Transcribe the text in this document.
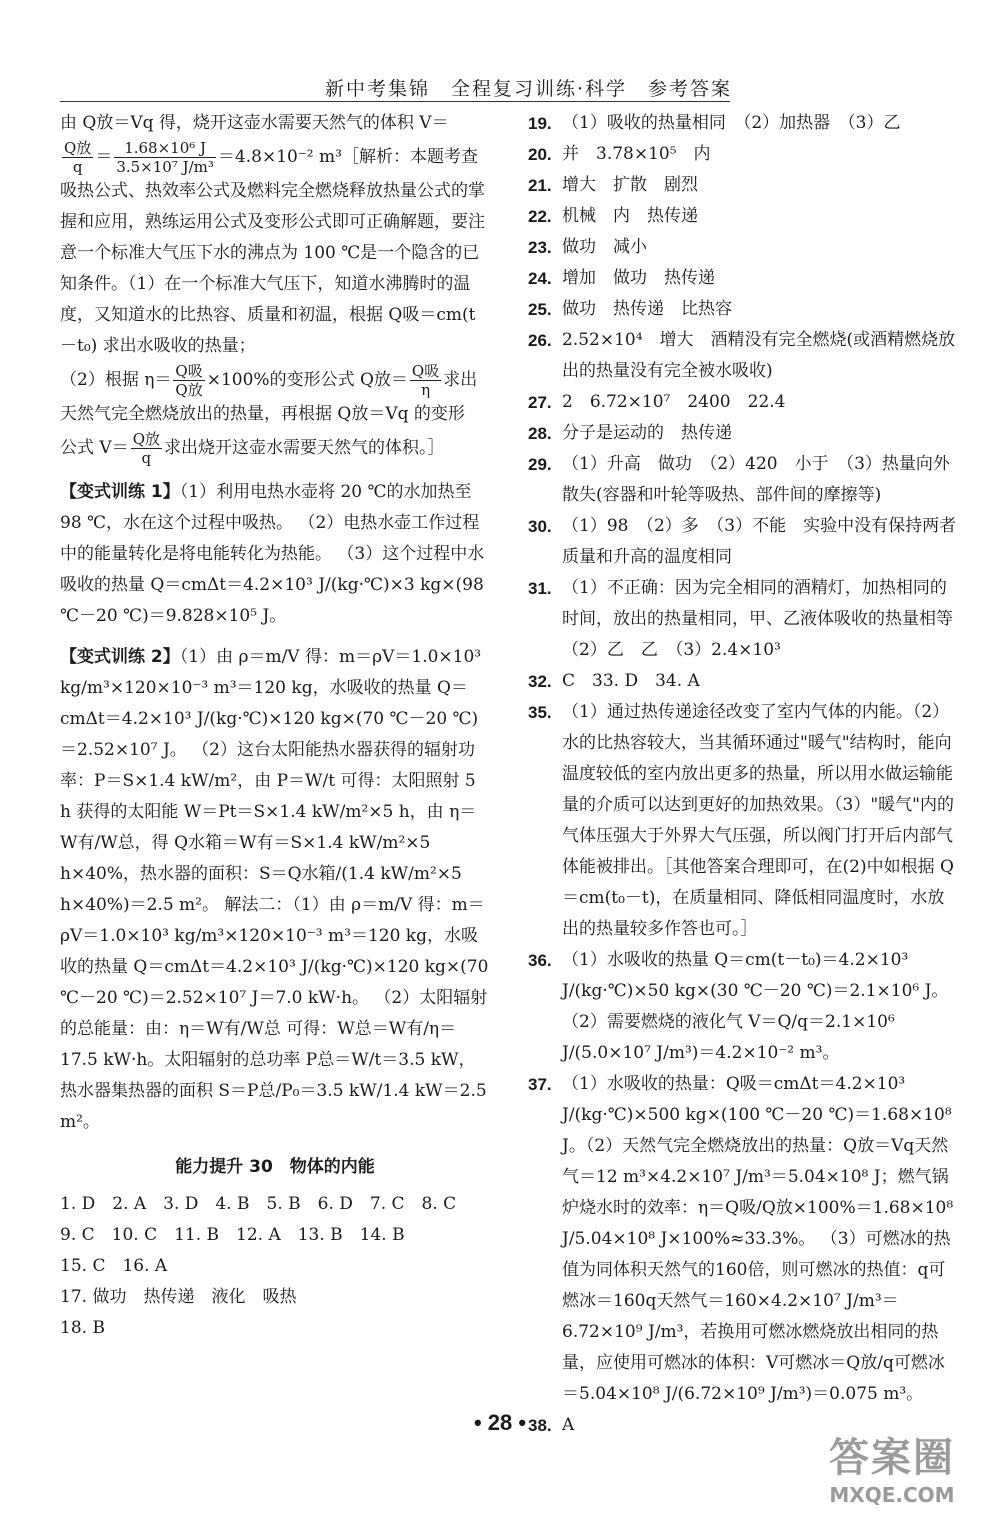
新中考集锦　全程复习训练·科学　参考答案

由 Q放＝Vq 得，烧开这壶水需要天然气的体积 V＝

$\frac{\text{Q放}}{q} = \frac{\text{1.68×10⁶ J}}{\text{3.5×10⁷ J/m³}} =4.8\times 10^{-2}$ m³［解析：本题考查吸热公式、热效率公式及燃料完全燃烧释放热量公式的掌握和应用，熟练运用公式及变形公式即可正确解题，要注意一个标准大气压下水的沸点为 100 ℃是一个隐含的已知条件。（1）在一个标准大气压下，知道水沸腾时的温度，又知道水的比热容、质量和初温，根据 Q吸＝cm(t－t₀) 求出水吸收的热量；

（2）根据 $\eta= \frac{\text{Q吸}}{\text{Q放}} \times 100\%$的变形公式 Q放＝ $\frac{\text{Q吸}}{\eta}$ 求出天然气完全燃烧放出的热量，再根据 Q放＝Vq 的变形

公式 $V= \frac{\text{Q放}}{q}$ 求出烧开这壶水需要天然气的体积。］

【变式训练 1】（1）利用电热水壶将 20 ℃的水加热至 98 ℃，水在这个过程中吸热。 （2）电热水壶工作过程中的能量转化是将电能转化为热能。 （3）这个过程中水吸收的热量 Q＝cmΔt＝4.2×10³ J/(kg·℃)×3 kg×(98 ℃－20 ℃)＝9.828×10⁵ J。

【变式训练 2】（1）由 ρ＝m/V 得：m＝ρV＝1.0×10³ kg/m³×120×10⁻³ m³＝120 kg，水吸收的热量 Q＝cmΔt＝4.2×10³ J/(kg·℃)×120 kg×(70 ℃－20 ℃)＝2.52×10⁷ J。 （2）这台太阳能热水器获得的辐射功率：P＝S×1.4 kW/m²，由 P＝W/t 可得：太阳照射 5 h 获得的太阳能 W＝Pt＝S×1.4 kW/m²×5 h，由 η＝W有/W总，得 Q水箱＝W有＝S×1.4 kW/m²×5 h×40%，热水器的面积：S＝Q水箱/(1.4 kW/m²×5 h×40%)＝2.5 m²。 解法二：（1）由 ρ＝m/V 得：m＝ρV＝1.0×10³ kg/m³×120×10⁻³ m³＝120 kg，水吸收的热量 Q＝cmΔt＝4.2×10³ J/(kg·℃)×120 kg×(70 ℃－20 ℃)＝2.52×10⁷ J＝7.0 kW·h。 （2）太阳辐射的总能量：由：η＝W有/W总 可得：W总＝W有/η＝17.5 kW·h。太阳辐射的总功率 P总＝W/t＝3.5 kW，热水器集热器的面积 S＝P总/P₀＝3.5 kW/1.4 kW＝2.5 m²。

能力提升 30　物体的内能

1. D　2. A　3. D　4. B　5. B　6. D　7. C　8. C

9. C　10. C　11. B　12. A　13. B　14. B

15. C　16. A

17. 做功　热传递　液化　吸热

18. B

19. （1）吸收的热量相同　（2）加热器　（3）乙
20. 并　3.78×10⁵　内
21. 增大　扩散　剧烈
22. 机械　内　热传递
23. 做功　减小
24. 增加　做功　热传递
25. 做功　热传递　比热容
26. 2.52×10⁴　增大　酒精没有完全燃烧(或酒精燃烧放出的热量没有完全被水吸收)
27. 2　6.72×10⁷　2400　22.4
28. 分子是运动的　热传递
29. （1）升高　做功　（2）420　小于　（3）热量向外散失(容器和叶轮等吸热、部件间的摩擦等)
30. （1）98　（2）多　（3）不能　实验中没有保持两者质量和升高的温度相同
31. （1）不正确：因为完全相同的酒精灯，加热相同的时间，放出的热量相同，甲、乙液体吸收的热量相等　（2）乙　乙　（3）2.4×10³
32. C　33. D　34. A
35. （1）通过热传递途径改变了室内气体的内能。（2）水的比热容较大，当其循环通过"暖气"结构时，能向温度较低的室内放出更多的热量，所以用水做运输能量的介质可以达到更好的加热效果。（3）"暖气"内的气体压强大于外界大气压强，所以阀门打开后内部气体能被排出。［其他答案合理即可，在(2)中如根据 Q＝cm(t₀－t)，在质量相同、降低相同温度时，水放出的热量较多作答也可。］
36. （1）水吸收的热量 Q＝cm(t－t₀)＝4.2×10³ J/(kg·℃)×50 kg×(30 ℃－20 ℃)＝2.1×10⁶ J。 （2）需要燃烧的液化气 V＝Q/q＝2.1×10⁶ J/(5.0×10⁷ J/m³)＝4.2×10⁻² m³。
37. （1）水吸收的热量：Q吸＝cmΔt＝4.2×10³ J/(kg·℃)×500 kg×(100 ℃－20 ℃)＝1.68×10⁸ J。（2）天然气完全燃烧放出的热量：Q放＝Vq天然气＝12 m³×4.2×10⁷ J/m³＝5.04×10⁸ J；燃气锅炉烧水时的效率：η＝Q吸/Q放×100%＝1.68×10⁸ J/5.04×10⁸ J×100%≈33.3%。 （3）可燃冰的热值为同体积天然气的160倍，则可燃冰的热值：q可燃冰＝160q天然气＝160×4.2×10⁷ J/m³＝6.72×10⁹ J/m³，若换用可燃冰燃烧放出相同的热量，应使用可燃冰的体积：V可燃冰＝Q放/q可燃冰＝5.04×10⁸ J/(6.72×10⁹ J/m³)＝0.075 m³。
38. A
• 28 •
答案圈
MXQE.COM
